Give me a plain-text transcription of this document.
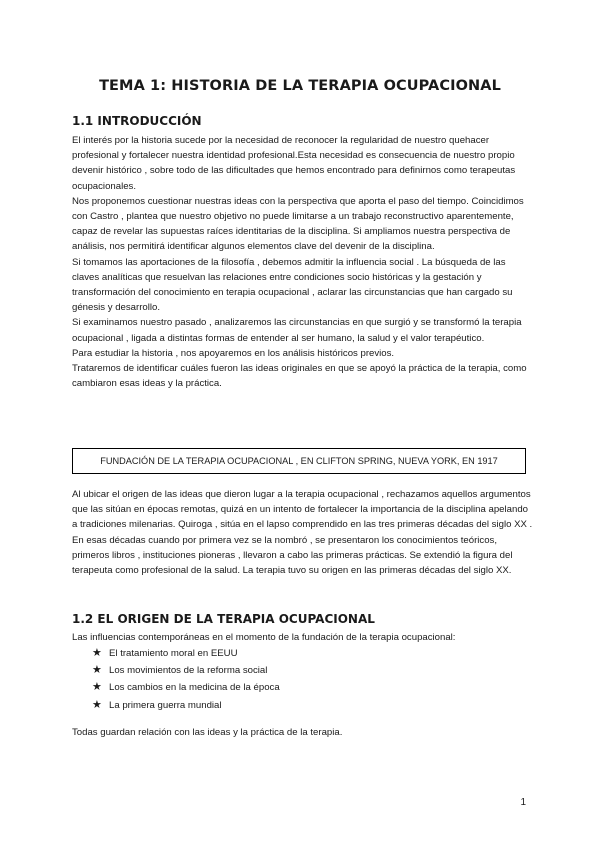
TEMA 1: HISTORIA DE LA TERAPIA OCUPACIONAL
1.1 INTRODUCCIÓN

El interés por la historia sucede por la necesidad de reconocer la regularidad de nuestro quehacer profesional y fortalecer nuestra identidad profesional.Esta necesidad es consecuencia de nuestro propio devenir histórico , sobre todo de las dificultades que hemos encontrado para definirnos como terapeutas ocupacionales.

Nos proponemos cuestionar nuestras ideas con la perspectiva que aporta el paso del tiempo. Coincidimos con Castro , plantea que nuestro objetivo no puede limitarse a un trabajo reconstructivo aparentemente, capaz de revelar las supuestas raíces identitarias de la disciplina. Si ampliamos nuestra perspectiva de análisis, nos permitirá identificar algunos elementos clave del devenir de la disciplina.

Si tomamos las aportaciones de la filosofía , debemos admitir la influencia social . La búsqueda de las claves analíticas que resuelvan las relaciones entre condiciones socio históricas y la gestación y transformación del conocimiento en terapia ocupacional , aclarar las circunstancias que han cargado su génesis y desarrollo.

Si examinamos nuestro pasado , analizaremos las circunstancias en que surgió y se transformó la terapia ocupacional , ligada a distintas formas de entender al ser humano, la salud y el valor terapéutico.

Para estudiar la historia , nos apoyaremos en los análisis históricos previos.

Trataremos de identificar cuáles fueron las ideas originales en que se apoyó la práctica de la terapia, como cambiaron esas ideas y la práctica.

FUNDACIÓN DE LA TERAPIA OCUPACIONAL , EN CLIFTON SPRING, NUEVA YORK, EN 1917

Al ubicar el origen de las ideas que dieron lugar a la terapia ocupacional , rechazamos aquellos argumentos que las sitúan en épocas remotas, quizá en un intento de fortalecer la importancia de la disciplina apelando a tradiciones milenarias. Quiroga , sitúa en el lapso comprendido en las tres primeras décadas del siglo XX . En esas décadas cuando por primera vez se la nombró , se presentaron los conocimientos teóricos, primeros libros , instituciones pioneras , llevaron a cabo las primeras prácticas. Se extendió la figura del terapeuta como profesional de la salud. La terapia tuvo su origen en las primeras décadas del siglo XX.

1.2 EL ORIGEN DE LA TERAPIA OCUPACIONAL
Las influencias contemporáneas en el momento de la fundación de la terapia ocupacional:
★ El tratamiento moral en EEUU
★ Los movimientos de la reforma social
★ Los cambios en la medicina de la época
★ La primera guerra mundial
Todas guardan relación con las ideas y la práctica de la terapia.
1
